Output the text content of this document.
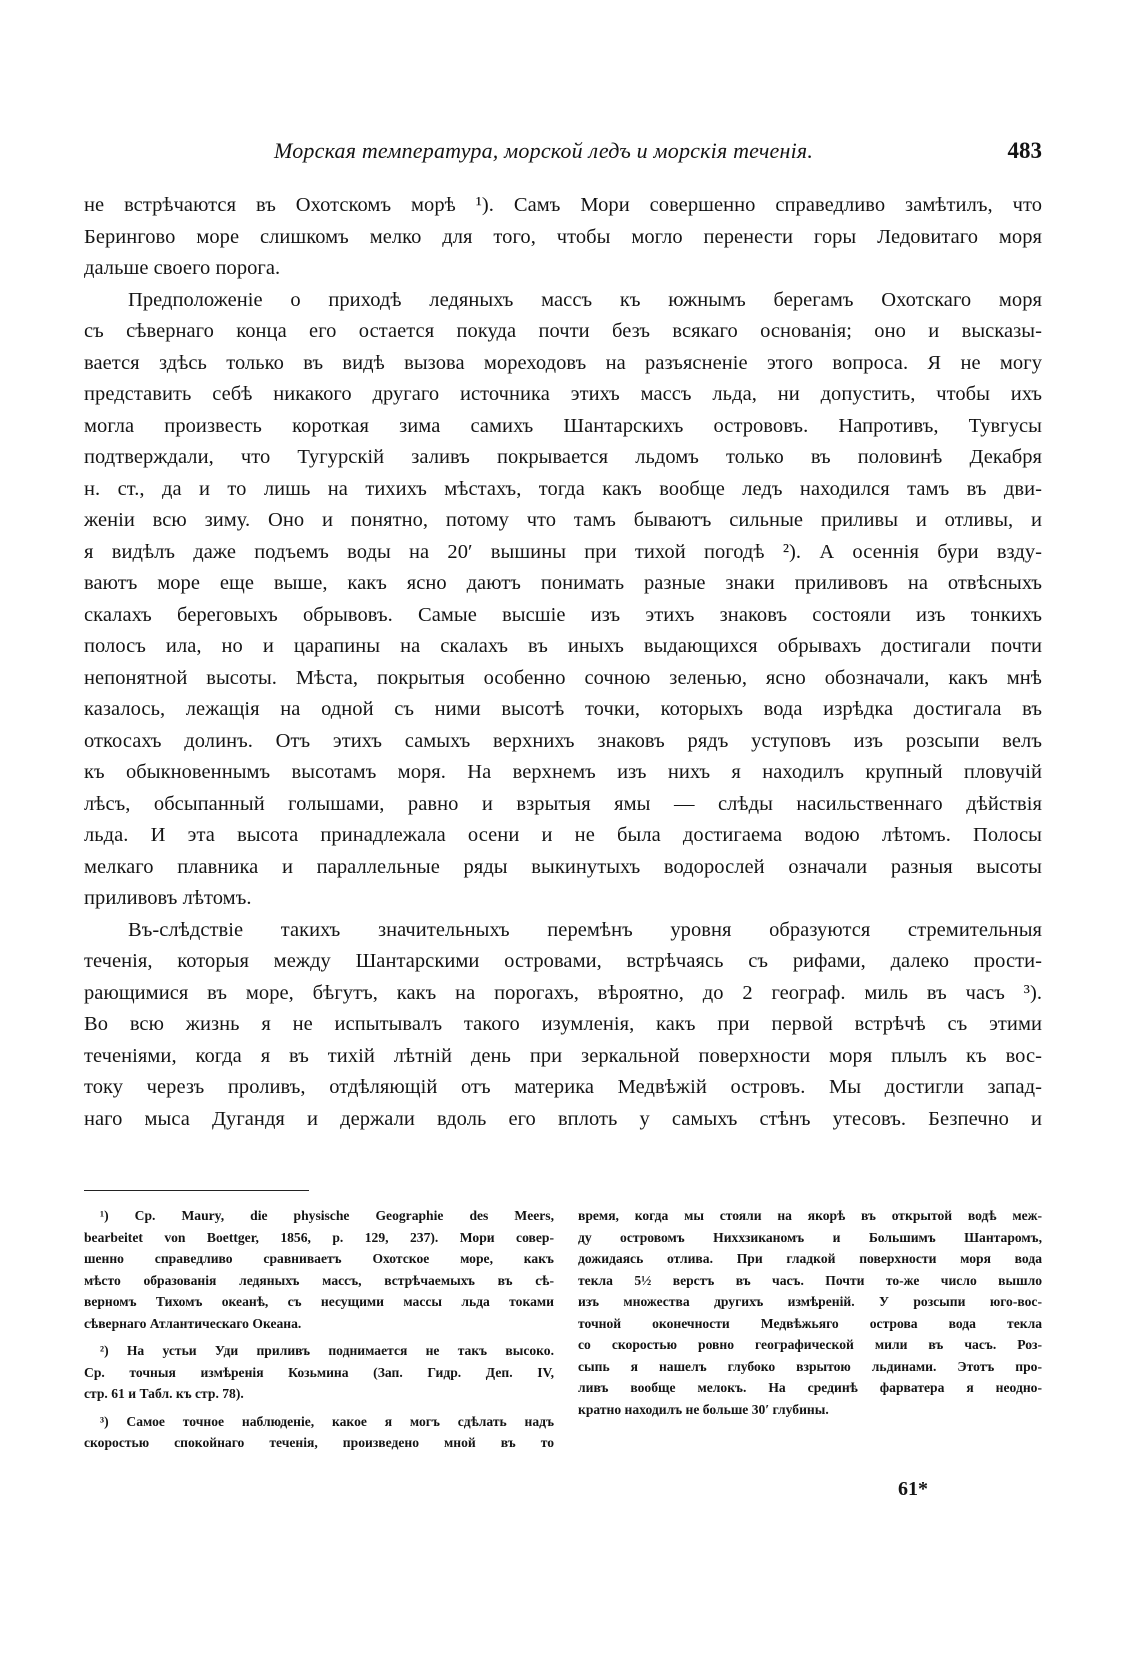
Морская температура, морской ледъ и морскія теченія.	483
не встрѣчаются въ Охотскомъ морѣ ¹). Самъ Мори совершенно справедливо замѣтилъ, что
Берингово море слишкомъ мелко для того, чтобы могло перенести горы Ледовитаго моря
дальше своего порога.
Предположеніе о приходѣ ледяныхъ массъ къ южнымъ берегамъ Охотскаго моря
съ сѣвернаго конца его остается покуда почти безъ всякаго основанія; оно и высказы-
вается здѣсь только въ видѣ вызова мореходовъ на разъясненіе этого вопроса. Я не могу
представить себѣ никакого другаго источника этихъ массъ льда, ни допустить, чтобы ихъ
могла произвесть короткая зима самихъ Шантарскихъ острововъ. Напротивъ, Тувгусы
подтверждали, что Тугурскій заливъ покрывается льдомъ только въ половинѣ Декабря
н. ст., да и то лишь на тихихъ мѣстахъ, тогда какъ вообще ледъ находился тамъ въ дви-
женіи всю зиму. Оно и понятно, потому что тамъ бываютъ сильные приливы и отливы, и
я видѣлъ даже подъемъ воды на 20′ вышины при тихой погодѣ ²). А осеннія бури взду-
ваютъ море еще выше, какъ ясно даютъ понимать разные знаки приливовъ на отвѣсныхъ
скалахъ береговыхъ обрывовъ. Самые высшіе изъ этихъ знаковъ состояли изъ тонкихъ
полосъ ила, но и царапины на скалахъ въ иныхъ выдающихся обрывахъ достигали почти
непонятной высоты. Мѣста, покрытыя особенно сочною зеленью, ясно обозначали, какъ мнѣ
казалось, лежащія на одной съ ними высотѣ точки, которыхъ вода изрѣдка достигала въ
откосахъ долинъ. Отъ этихъ самыхъ верхнихъ знаковъ рядъ уступовъ изъ розсыпи велъ
къ обыкновеннымъ высотамъ моря. На верхнемъ изъ нихъ я находилъ крупный пловучій
лѣсъ, обсыпанный голышами, равно и взрытыя ямы — слѣды насильственнаго дѣйствія
льда. И эта высота принадлежала осени и не была достигаема водою лѣтомъ. Полосы
мелкаго плавника и параллельные ряды выкинутыхъ водорослей означали разныя высоты
приливовъ лѣтомъ.
Въ-слѣдствіе такихъ значительныхъ перемѣнъ уровня образуются стремительныя
теченія, которыя между Шантарскими островами, встрѣчаясь съ рифами, далеко прости-
рающимися въ море, бѣгутъ, какъ на порогахъ, вѣроятно, до 2 географ. миль въ часъ ³).
Во всю жизнь я не испытывалъ такого изумленія, какъ при первой встрѣчѣ съ этими
теченіями, когда я въ тихій лѣтній день при зеркальной поверхности моря плылъ къ вос-
току черезъ проливъ, отдѣляющій отъ материка Медвѣжій островъ. Мы достигли запад-
наго мыса Дугандя и держали вдоль его вплоть у самыхъ стѣнъ утесовъ. Безпечно и
¹) Ср. Maury, die physische Geographie des Meers,
bearbeitet von Boettger, 1856, p. 129, 237). Мори совер-
шенно справедливо сравниваетъ Охотское море, какъ
мѣсто образованія ледяныхъ массъ, встрѣчаемыхъ въ сѣ-
верномъ Тихомъ океанѣ, съ несущими массы льда токами
сѣвернаго Атлантическаго Океана.
²) На устьи Уди приливъ поднимается не такъ высоко.
Ср. точныя измѣренія Козьмина (Зап. Гидр. Деп. IV,
стр. 61 и Табл. къ стр. 78).
³) Самое точное наблюденіе, какое я могъ сдѣлать надъ
скоростью спокойнаго теченія, произведено мной въ то
время, когда мы стояли на якорѣ въ открытой водѣ меж-
ду островомъ Ниххзиканомъ и Большимъ Шантаромъ,
дожидаясь отлива. При гладкой поверхности моря вода
текла 5½ верстъ въ часъ. Почти то-же число вышло
изъ множества другихъ измѣреній. У розсыпи юго-вос-
точной оконечности Медвѣжьяго острова вода текла
со скоростью ровно географической мили въ часъ. Роз-
сыпь я нашелъ глубоко взрытою льдинами. Этотъ про-
ливъ вообще мелокъ. На срединѣ фарватера я неодно-
кратно находилъ не больше 30′ глубины.
61*
